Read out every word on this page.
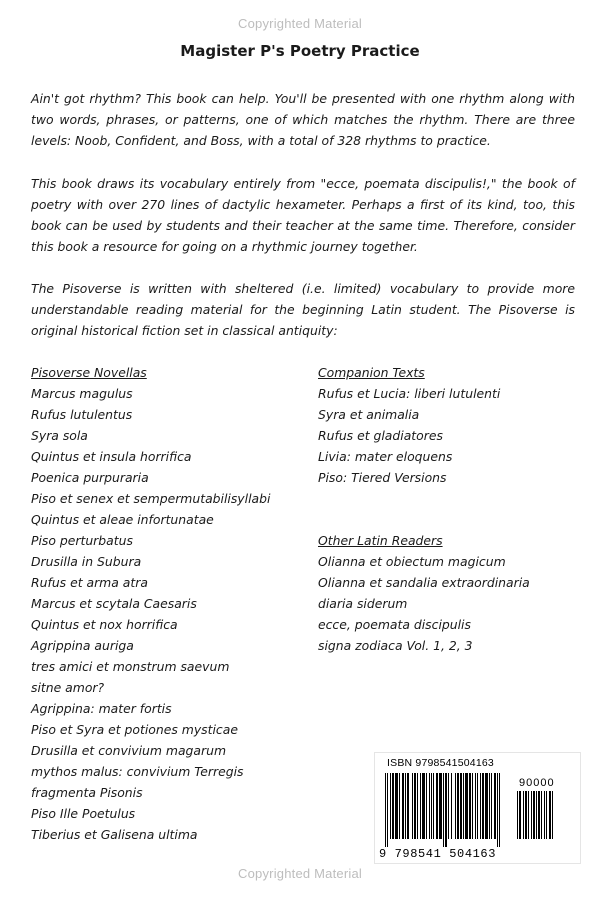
Copyrighted Material
Magister P's Poetry Practice
Ain't got rhythm? This book can help. You'll be presented with one rhythm along with two words, phrases, or patterns, one of which matches the rhythm. There are three levels: Noob, Confident, and Boss, with a total of 328 rhythms to practice.
This book draws its vocabulary entirely from "ecce, poemata discipulis!," the book of poetry with over 270 lines of dactylic hexameter. Perhaps a first of its kind, too, this book can be used by students and their teacher at the same time. Therefore, consider this book a resource for going on a rhythmic journey together.
The Pisoverse is written with sheltered (i.e. limited) vocabulary to provide more understandable reading material for the beginning Latin student. The Pisoverse is original historical fiction set in classical antiquity:
Pisoverse Novellas
Marcus magulus
Rufus lutulentus
Syra sola
Quintus et insula horrifica
Poenica purpuraria
Piso et senex et sempermutabilisyllabi
Quintus et aleae infortunatae
Piso perturbatus
Drusilla in Subura
Rufus et arma atra
Marcus et scytala Caesaris
Quintus et nox horrifica
Agrippina auriga
tres amici et monstrum saevum
sitne amor?
Agrippina: mater fortis
Piso et Syra et potiones mysticae
Drusilla et convivium magarum
mythos malus: convivium Terregis
fragmenta Pisonis
Piso Ille Poetulus
Tiberius et Galisena ultima
Companion Texts
Rufus et Lucia: liberi lutulenti
Syra et animalia
Rufus et gladiatores
Livia: mater eloquens
Piso: Tiered Versions
Other Latin Readers
Olianna et obiectum magicum
Olianna et sandalia extraordinaria
diaria siderum
ecce, poemata discipulis
signa zodiaca Vol. 1, 2, 3
ISBN 9798541504163
90000
9 798541 504163
Copyrighted Material
